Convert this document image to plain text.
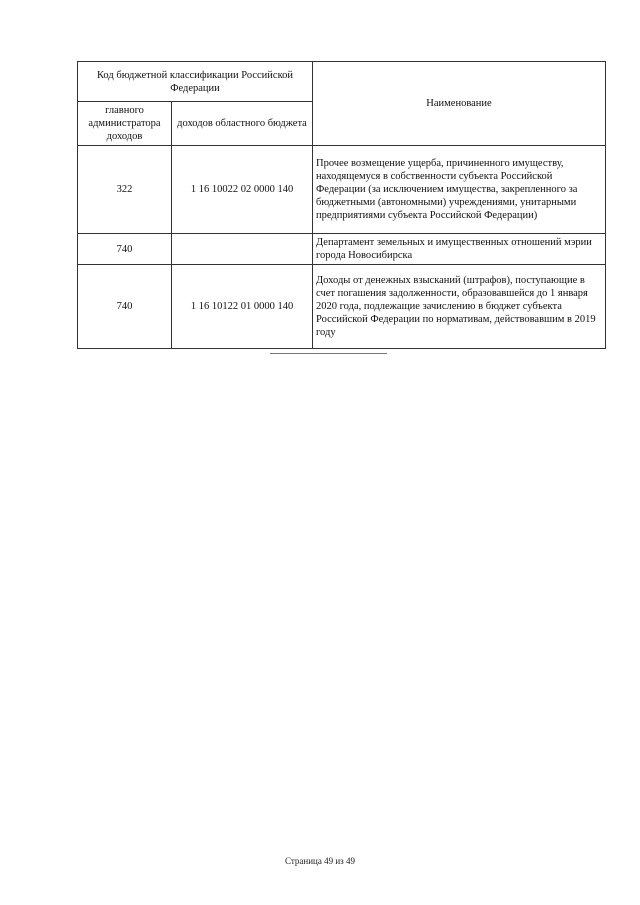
Код бюджетной классификации Российской Федерации		Наименование
главного администратора доходов	доходов областного бюджета	
322	1 16 10022 02 0000 140	Прочее возмещение ущерба, причиненного имуществу, находящемуся в собственности субъекта Российской Федерации (за исключением имущества, закрепленного за бюджетными (автономными) учреждениями, унитарными предприятиями субъекта Российской Федерации)
740		Департамент земельных и имущественных отношений мэрии города Новосибирска
740	1 16 10122 01 0000 140	Доходы от денежных взысканий (штрафов), поступающие в счет погашения задолженности, образовавшейся до 1 января 2020 года, подлежащие зачислению в бюджет субъекта Российской Федерации по нормативам, действовавшим в 2019 году
Страница 49 из 49
